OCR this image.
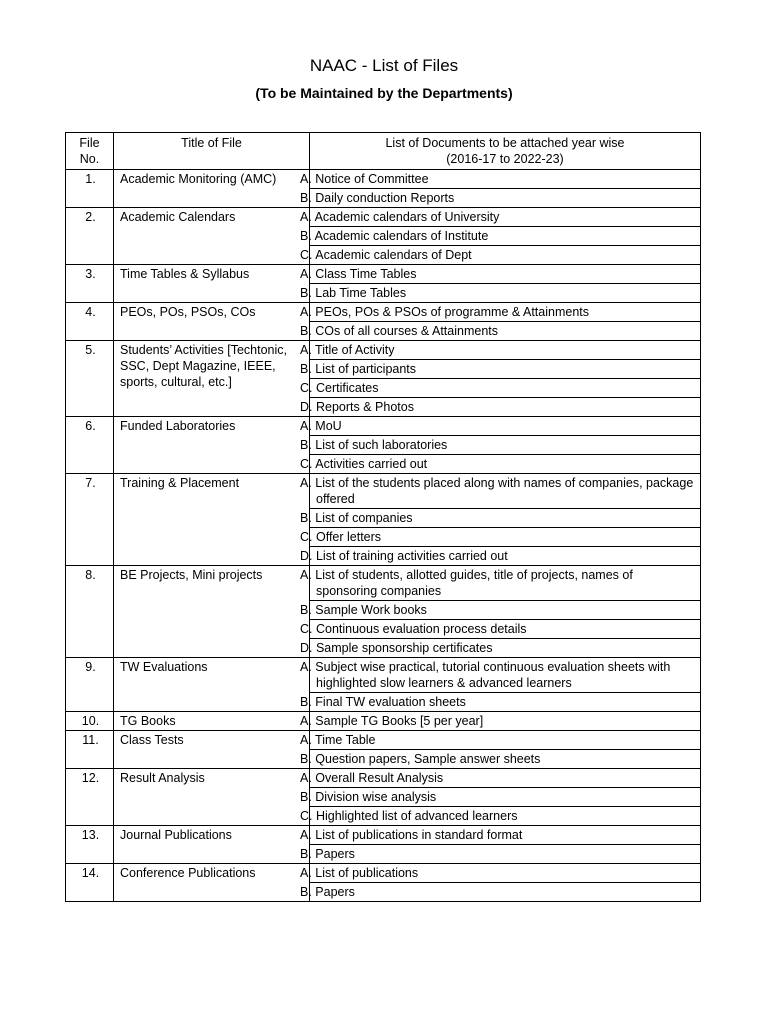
NAAC - List of Files
(To be Maintained by the Departments)
File No.	Title of File	List of Documents to be attached year wise
(2016-17 to 2022-23)
1.	Academic Monitoring (AMC)	A. Notice of Committee
		B. Daily conduction Reports
2.	Academic Calendars	A. Academic calendars of University
		B. Academic calendars of Institute
		C. Academic calendars of Dept
3.	Time Tables & Syllabus	A. Class Time Tables
		B. Lab Time Tables
4.	PEOs, POs, PSOs, COs	A. PEOs, POs & PSOs of programme & Attainments
		B. COs of all courses & Attainments
5.	Students’ Activities [Techtonic, SSC, Dept Magazine, IEEE, sports, cultural, etc.]	A. Title of Activity
		B. List of participants
		C. Certificates
		D. Reports & Photos
6.	Funded Laboratories	A. MoU
		B. List of such laboratories
		C. Activities carried out
7.	Training & Placement	A. List of the students placed along with names of companies, package offered
		B. List of companies
		C. Offer letters
		D. List of training activities carried out
8.	BE Projects, Mini projects	A. List of students, allotted guides, title of projects, names of sponsoring companies
		B. Sample Work books
		C. Continuous evaluation process details
		D. Sample sponsorship certificates
9.	TW Evaluations	A. Subject wise practical, tutorial continuous evaluation sheets with highlighted slow learners & advanced learners
		B. Final TW evaluation sheets
10.	TG Books	A. Sample TG Books [5 per year]
11.	Class Tests	A. Time Table
		B. Question papers, Sample answer sheets
12.	Result Analysis	A. Overall Result Analysis
		B. Division wise analysis
		C. Highlighted list of advanced learners
13.	Journal Publications	A. List of publications in standard format
		B. Papers
14.	Conference Publications	A. List of publications
		B. Papers
